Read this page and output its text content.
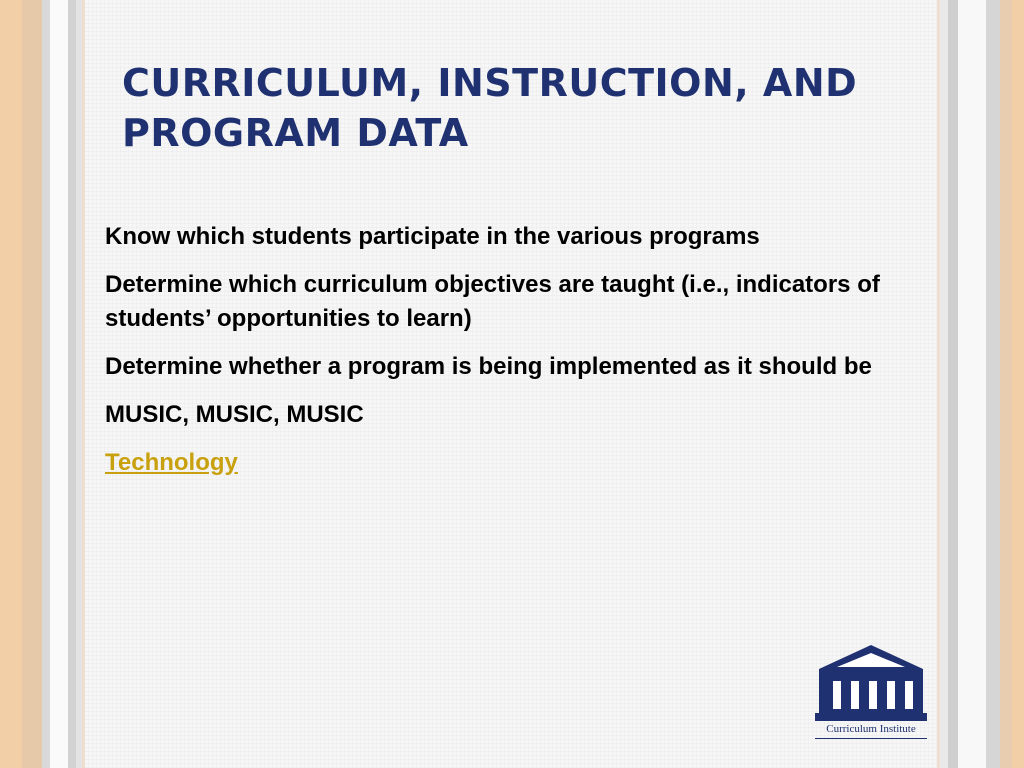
CURRICULUM, INSTRUCTION, AND PROGRAM DATA
Know which students participate in the various programs
Determine which curriculum objectives are taught (i.e., indicators of students’ opportunities to learn)
Determine whether a program is being implemented as it should be
MUSIC, MUSIC, MUSIC
Technology
Curriculum Institute
